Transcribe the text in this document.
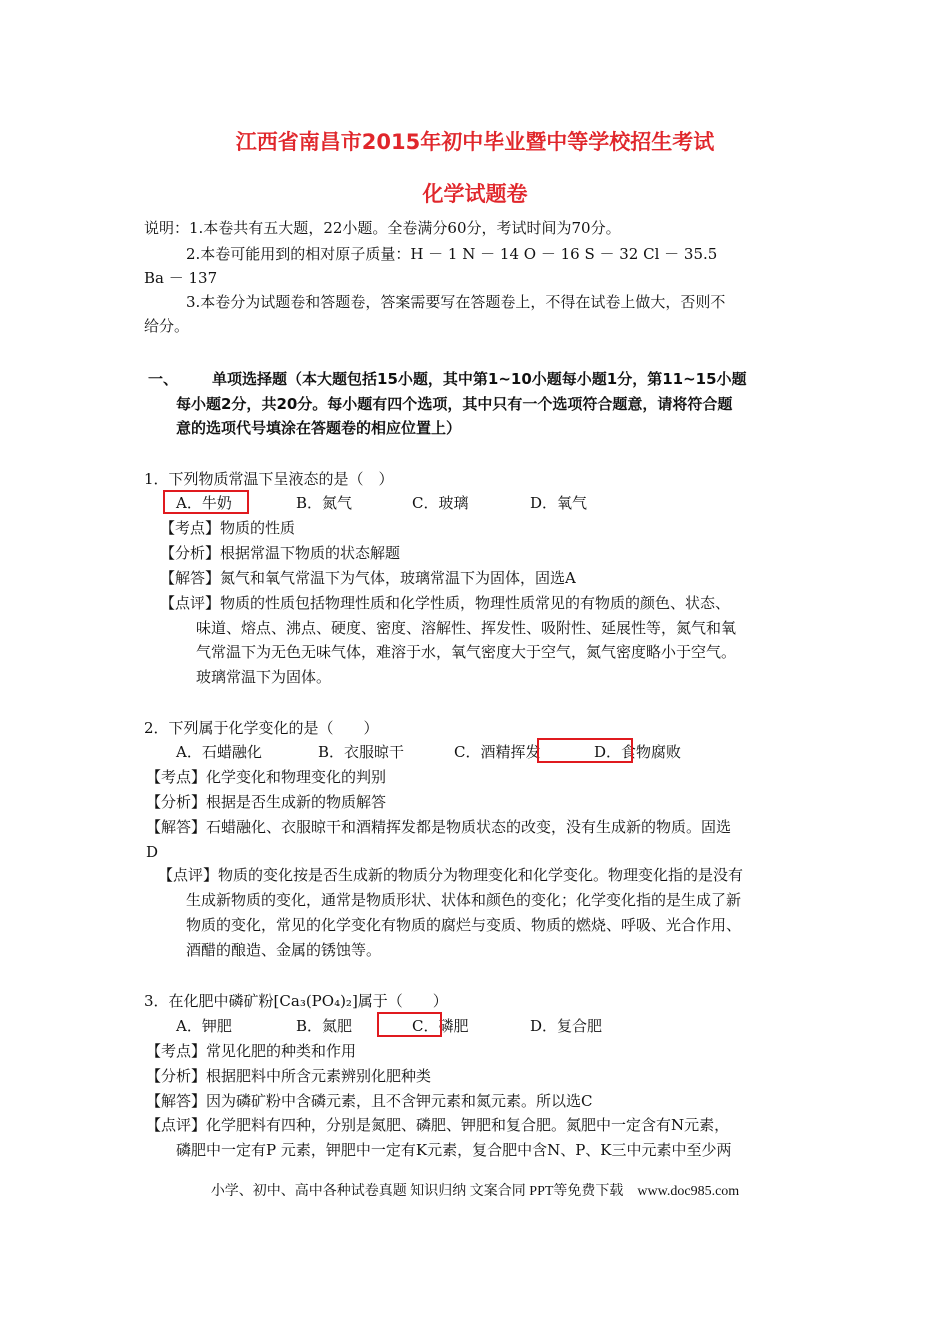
江西省南昌市2015年初中毕业暨中等学校招生考试
化学试题卷
说明：1.本卷共有五大题，22小题。全卷满分60分，考试时间为70分。
2.本卷可能用到的相对原子质量：H － 1 N － 14 O － 16 S － 32 Cl － 35.5
Ba － 137
3.本卷分为试题卷和答题卷，答案需要写在答题卷上，不得在试卷上做大，否则不
给分。
一、 单项选择题（本大题包括15小题，其中第1~10小题每小题1分，第11~15小题
每小题2分，共20分。每小题有四个选项，其中只有一个选项符合题意，请将符合题
意的选项代号填涂在答题卷的相应位置上）
1．下列物质常温下呈液态的是（　）
A．牛奶	B．氮气	C．玻璃	D．氧气
【考点】物质的性质
【分析】根据常温下物质的状态解题
【解答】氮气和氧气常温下为气体，玻璃常温下为固体，固选A
【点评】物质的性质包括物理性质和化学性质，物理性质常见的有物质的颜色、状态、
味道、熔点、沸点、硬度、密度、溶解性、挥发性、吸附性、延展性等，氮气和氧
气常温下为无色无味气体，难溶于水，氧气密度大于空气，氮气密度略小于空气。
玻璃常温下为固体。
2．下列属于化学变化的是（　　）
A．石蜡融化	B．衣服晾干	C．酒精挥发	D．食物腐败
【考点】化学变化和物理变化的判别
【分析】根据是否生成新的物质解答
【解答】石蜡融化、衣服晾干和酒精挥发都是物质状态的改变，没有生成新的物质。固选
D
【点评】物质的变化按是否生成新的物质分为物理变化和化学变化。物理变化指的是没有
生成新物质的变化，通常是物质形状、状体和颜色的变化；化学变化指的是生成了新
物质的变化，常见的化学变化有物质的腐烂与变质、物质的燃烧、呼吸、光合作用、
酒醋的酿造、金属的锈蚀等。
3．在化肥中磷矿粉[Ca₃(PO₄)₂]属于（　　）
A．钾肥	B．氮肥	C．磷肥	D．复合肥
【考点】常见化肥的种类和作用
【分析】根据肥料中所含元素辨别化肥种类
【解答】因为磷矿粉中含磷元素，且不含钾元素和氮元素。所以选C
【点评】化学肥料有四种，分别是氮肥、磷肥、钾肥和复合肥。氮肥中一定含有N元素，
磷肥中一定有P 元素，钾肥中一定有K元素，复合肥中含N、P、K三中元素中至少两
小学、初中、高中各种试卷真题 知识归纳 文案合同 PPT等免费下载　www.doc985.com
